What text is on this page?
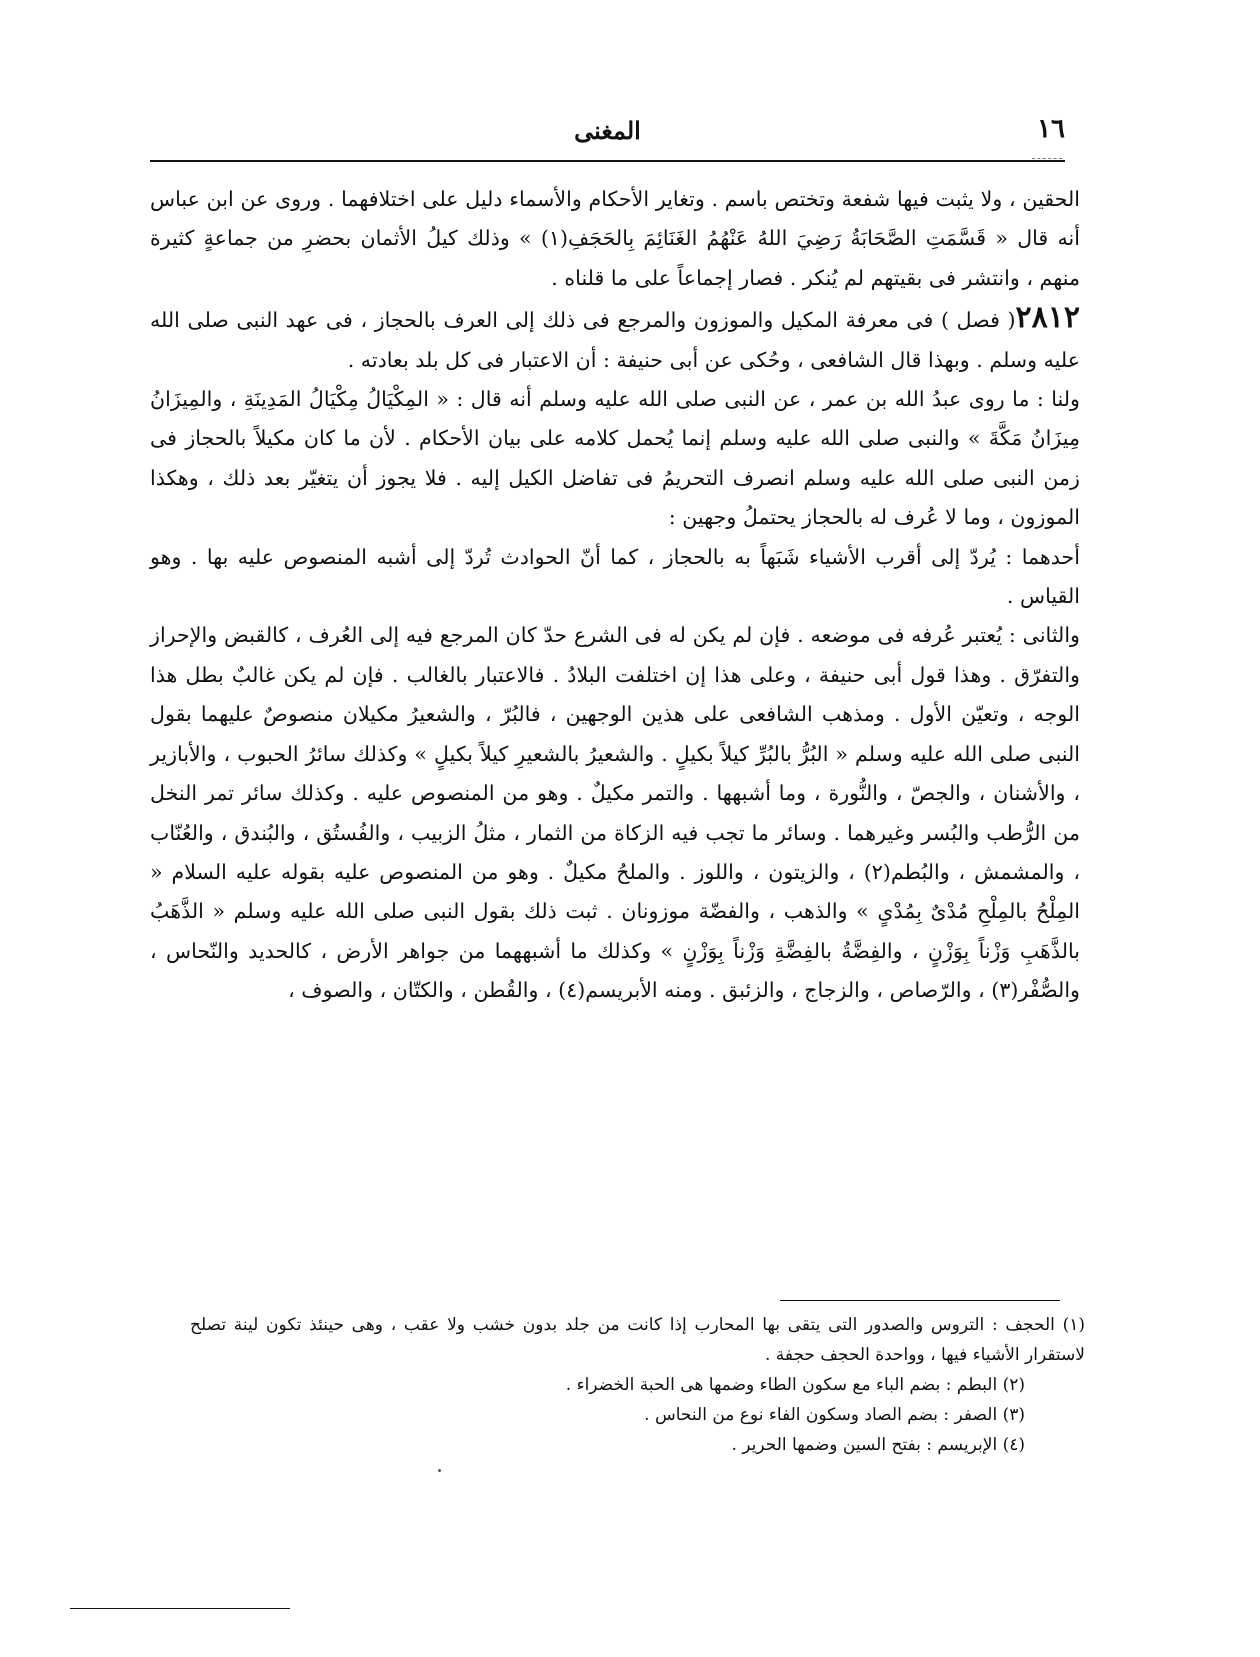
١٦
المغنى

الحقين ، ولا يثبت فيها شفعة وتختص باسم . وتغاير الأحكام والأسماء دليل على اختلافهما . وروى عن ابن عباس أنه قال « قَسَّمَتِ الصَّحَابَةُ رَضِيَ اللهُ عَنْهُمُ الغَنَائِمَ بِالحَجَفِ(١) » وذلك كيلُ الأثمان بحضرِ من جماعةٍ كثيرة منهم ، وانتشر فى بقيتهم لم يُنكر . فصار إجماعاً على ما قلناه .

٢٨١٢( فصل ) فى معرفة المكيل والموزون والمرجع فى ذلك إلى العرف بالحجاز ، فى عهد النبى صلى الله عليه وسلم . وبهذا قال الشافعى ، وحُكى عن أبى حنيفة : أن الاعتبار فى كل بلد بعادته .

ولنا : ما روى عبدُ الله بن عمر ، عن النبى صلى الله عليه وسلم أنه قال : « المِكْيَالُ مِكْيَالُ المَدِينَةِ ، والمِيزَانُ مِيزَانُ مَكَّةَ » والنبى صلى الله عليه وسلم إنما يُحمل كلامه على بيان الأحكام . لأن ما كان مكيلاً بالحجاز فى زمن النبى صلى الله عليه وسلم انصرف التحريمُ فى تفاضل الكيل إليه . فلا يجوز أن يتغيّر بعد ذلك ، وهكذا الموزون ، وما لا عُرف له بالحجاز يحتملُ وجهين :

أحدهما : يُردّ إلى أقرب الأشياء شَبَهاً به بالحجاز ، كما أنّ الحوادث تُردّ إلى أشبه المنصوص عليه بها . وهو القياس .

والثانى : يُعتبر عُرفه فى موضعه . فإن لم يكن له فى الشرع حدّ كان المرجع فيه إلى العُرف ، كالقبض والإحراز والتفرّق . وهذا قول أبى حنيفة ، وعلى هذا إن اختلفت البلادُ . فالاعتبار بالغالب . فإن لم يكن غالبٌ بطل هذا الوجه ، وتعيّن الأول . ومذهب الشافعى على هذين الوجهين ، فالبُرّ ، والشعيرُ مكيلان منصوصٌ عليهما بقول النبى صلى الله عليه وسلم « البُرُّ بالبُرِّ كيلاً بكيلٍ . والشعيرُ بالشعيرِ كيلاً بكيلٍ » وكذلك سائرُ الحبوب ، والأبازير ، والأشنان ، والجصّ ، والنُّورة ، وما أشبهها . والتمر مكيلٌ . وهو من المنصوص عليه . وكذلك سائر تمر النخل من الرُّطب والبُسر وغيرهما . وسائر ما تجب فيه الزكاة من الثمار ، مثلُ الزبيب ، والفُستُق ، والبُندق ، والعُنّاب ، والمشمش ، والبُطم(٢) ، والزيتون ، واللوز . والملحُ مكيلٌ . وهو من المنصوص عليه بقوله عليه السلام « المِلْحُ بالمِلْحِ مُدْىٌ بِمُدْىٍ » والذهب ، والفضّة موزونان . ثبت ذلك بقول النبى صلى الله عليه وسلم « الذَّهَبُ بالذَّهَبِ وَزْناً بِوَزْنٍ ، والفِضَّةُ بالفِضَّةِ وَزْناً بِوَزْنٍ » وكذلك ما أشبههما من جواهر الأرض ، كالحديد والنّحاس ، والصُّفْر(٣) ، والرّصاص ، والزجاج ، والزئبق . ومنه الأبريسم(٤) ، والقُطن ، والكتّان ، والصوف ،

(١) الحجف : التروس والصدور التى يتقى بها المحارب إذا كانت من جلد بدون خشب ولا عقب ، وهى حينئذ تكون لينة تصلح لاستقرار الأشياء فيها ، وواحدة الحجف حجفة .

(٢) البطم : بضم الباء مع سكون الطاء وضمها هى الحبة الخضراء .

(٣) الصفر : بضم الصاد وسكون الفاء نوع من النحاس .

(٤) الإبريسم : بفتح السين وضمها الحرير .
